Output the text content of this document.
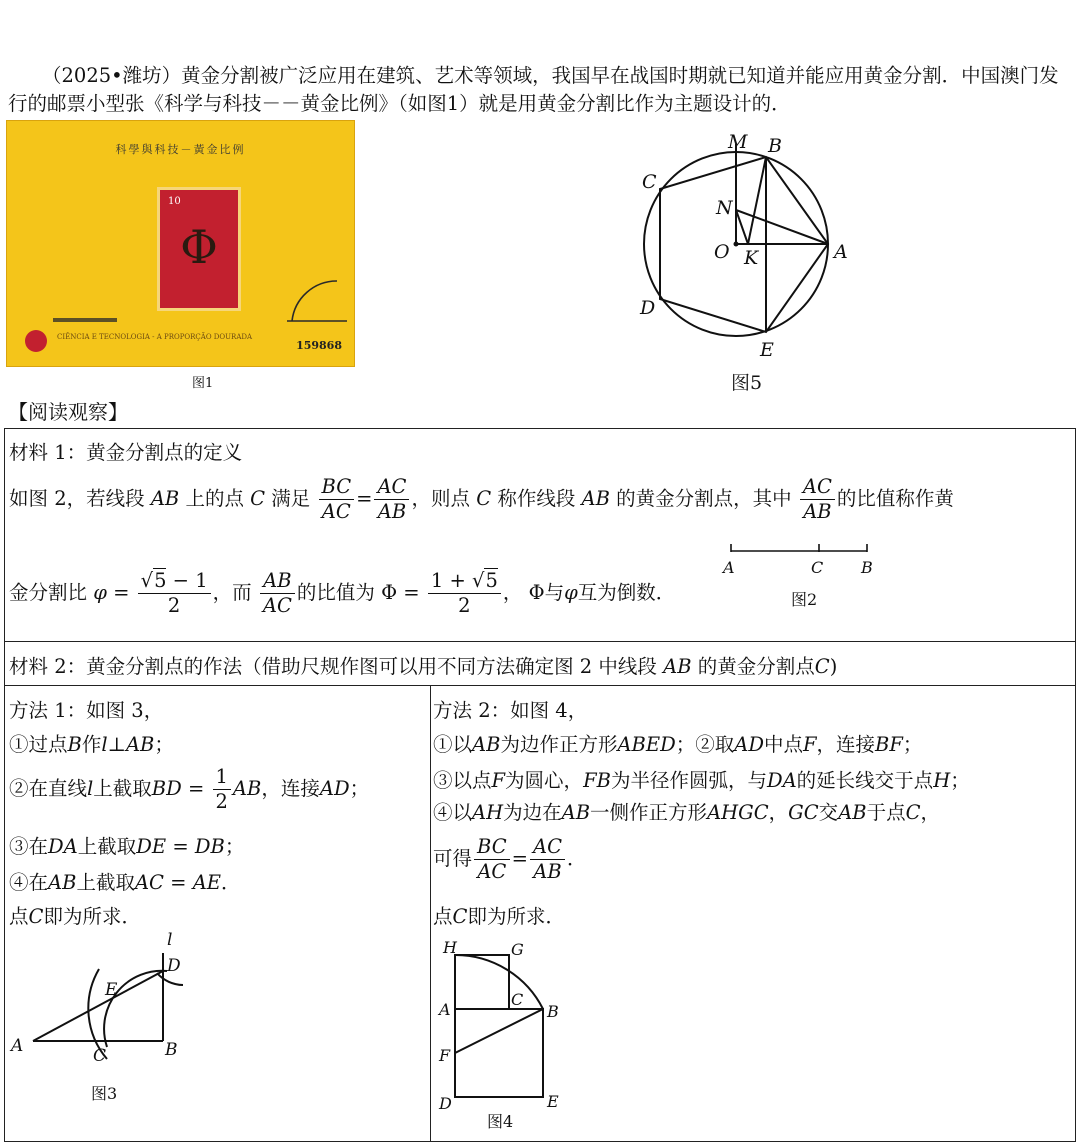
（2025•潍坊）黄金分割被广泛应用在建筑、艺术等领域，我国早在战国时期就已知道并能应用黄金分割．中国澳门发行的邮票小型张《科学与科技－－黄金比例》（如图1）就是用黄金分割比作为主题设计的．

科學與科技－黃金比例
10
Φ
CIÊNCIA E TECNOLOGIA - A PROPORÇÃO DOURADA
159868
图1
M B
C
N
O K	A
D
E
图5
【阅读观察】
材料 1：黄金分割点的定义
如图 2，若线段 AB 上的点 C 满足 $\frac{BC}{AC} = \frac{AC}{AB}$ ，则点 C 称作线段 AB 的黄金分割点，其中 $\frac{AC}{AB}$ 的比值称作黄
金分割比 $\varphi = \frac{√5 - 1}{2}$ ，而 $\frac{AB}{AC}$ 的比值为 $\Phi = \frac{1 + √5}{2}$ ， Φ与φ互为倒数．
A	C B
图2
材料 2：黄金分割点的作法（借助尺规作图可以用不同方法确定图 2 中线段 AB 的黄金分割点C)
方法 1：如图 3，
①过点B作l⊥AB；
②在直线l上截取BD = $\frac{1}{2}$ AB，连接AD；
③在DA上截取DE = DB；
④在AB上截取AC = AE．
点C即为所求．
l
D
E
A	C	B
图3
方法 2：如图 4，
①以AB为边作正方形ABED；②取AD中点F，连接BF；
③以点F为圆心，FB为半径作圆弧，与DA的延长线交于点H；
④以AH为边在AB一侧作正方形AHGC，GC交AB于点C，
可得 $\frac{BC}{AC} = \frac{AC}{AB}$ ．
点C即为所求．
H	G
C
A	B
F
D	E
图4
